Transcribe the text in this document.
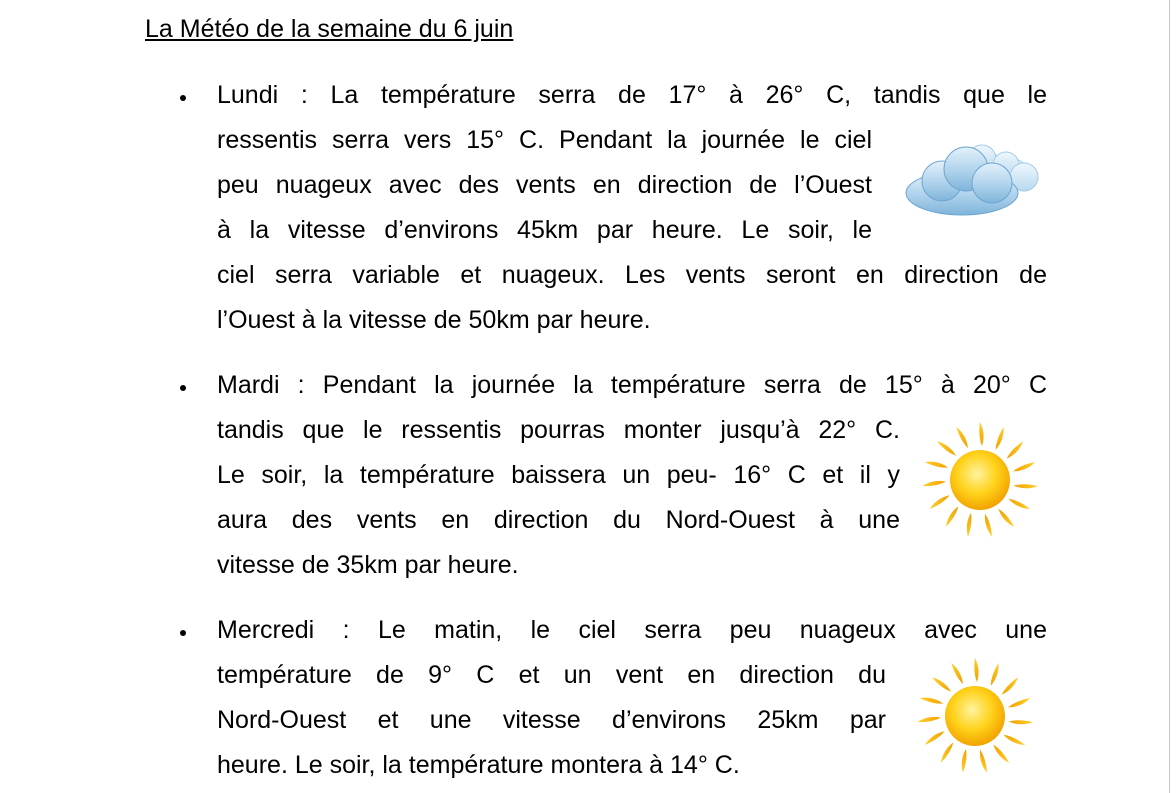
La Météo de la semaine du 6 juin
Lundi : La température serra de 17° à 26° C, tandis que le
ressentis serra vers 15° C. Pendant la journée le ciel
peu nuageux avec des vents en direction de l’Ouest
à la vitesse d’environs 45km par heure. Le soir, le
ciel serra variable et nuageux. Les vents seront en direction de
l’Ouest à la vitesse de 50km par heure.
Mardi : Pendant la journée la température serra de 15° à 20° C
tandis que le ressentis pourras monter jusqu’à 22° C.
Le soir, la température baissera un peu- 16° C et il y
aura des vents en direction du Nord-Ouest à une
vitesse de 35km par heure.
Mercredi : Le matin, le ciel serra peu nuageux avec une
température de 9° C et un vent en direction du
Nord-Ouest et une vitesse d’environs 25km par
heure. Le soir, la température montera à 14° C.
